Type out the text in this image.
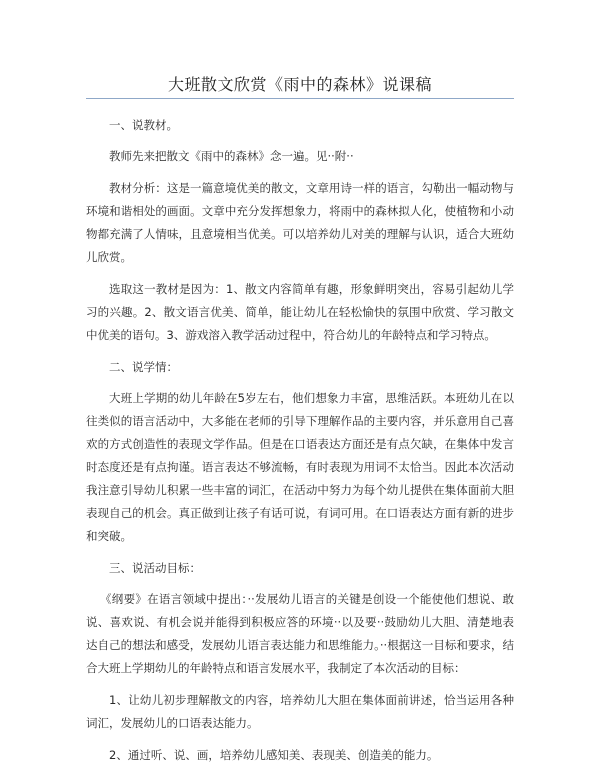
大班散文欣赏《雨中的森林》说课稿

一、说教材。

教师先来把散文《雨中的森林》念一遍。见··附··

教材分析：这是一篇意境优美的散文，文章用诗一样的语言，勾勒出一幅动物与环境和谐相处的画面。文章中充分发挥想象力，将雨中的森林拟人化，使植物和小动物都充满了人情味，且意境相当优美。可以培养幼儿对美的理解与认识，适合大班幼儿欣赏。

选取这一教材是因为：1、散文内容简单有趣，形象鲜明突出，容易引起幼儿学习的兴趣。2、散文语言优美、简单，能让幼儿在轻松愉快的氛围中欣赏、学习散文中优美的语句。3、游戏溶入教学活动过程中，符合幼儿的年龄特点和学习特点。

二、说学情：

大班上学期的幼儿年龄在5岁左右，他们想象力丰富，思维活跃。本班幼儿在以往类似的语言活动中，大多能在老师的引导下理解作品的主要内容，并乐意用自己喜欢的方式创造性的表现文学作品。但是在口语表达方面还是有点欠缺，在集体中发言时态度还是有点拘谨。语言表达不够流畅，有时表现为用词不太恰当。因此本次活动我注意引导幼儿积累一些丰富的词汇，在活动中努力为每个幼儿提供在集体面前大胆表现自己的机会。真正做到让孩子有话可说，有词可用。在口语表达方面有新的进步和突破。

三、说活动目标：

《纲要》在语言领域中提出：··发展幼儿语言的关键是创设一个能使他们想说、敢说、喜欢说、有机会说并能得到积极应答的环境··以及要··鼓励幼儿大胆、清楚地表达自己的想法和感受，发展幼儿语言表达能力和思维能力。··根据这一目标和要求，结合大班上学期幼儿的年龄特点和语言发展水平，我制定了本次活动的目标：

1、让幼儿初步理解散文的内容，培养幼儿大胆在集体面前讲述，恰当运用各种词汇，发展幼儿的口语表达能力。

2、通过听、说、画，培养幼儿感知美、表现美、创造美的能力。
